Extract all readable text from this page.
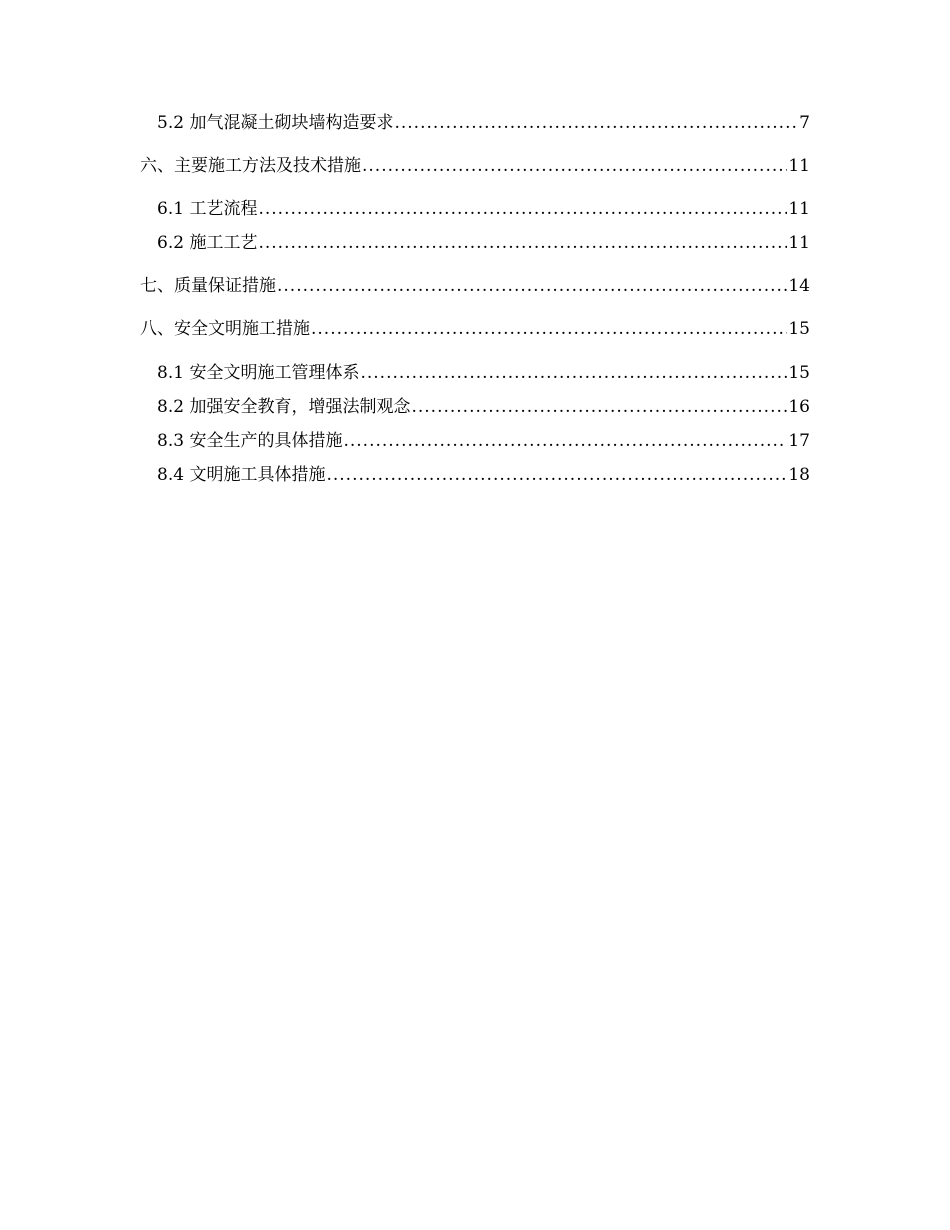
5.2 加气混凝土砌块墙构造要求 .....	7
六、主要施工方法及技术措施 .....	11
6.1 工艺流程 .....	11
6.2 施工工艺 .....	11
七、质量保证措施 .....	14
八、安全文明施工措施 .....	15
8.1 安全文明施工管理体系 .....	15
8.2 加强安全教育，增强法制观念 .....	16
8.3 安全生产的具体措施 .....	17
8.4 文明施工具体措施 .....	18
